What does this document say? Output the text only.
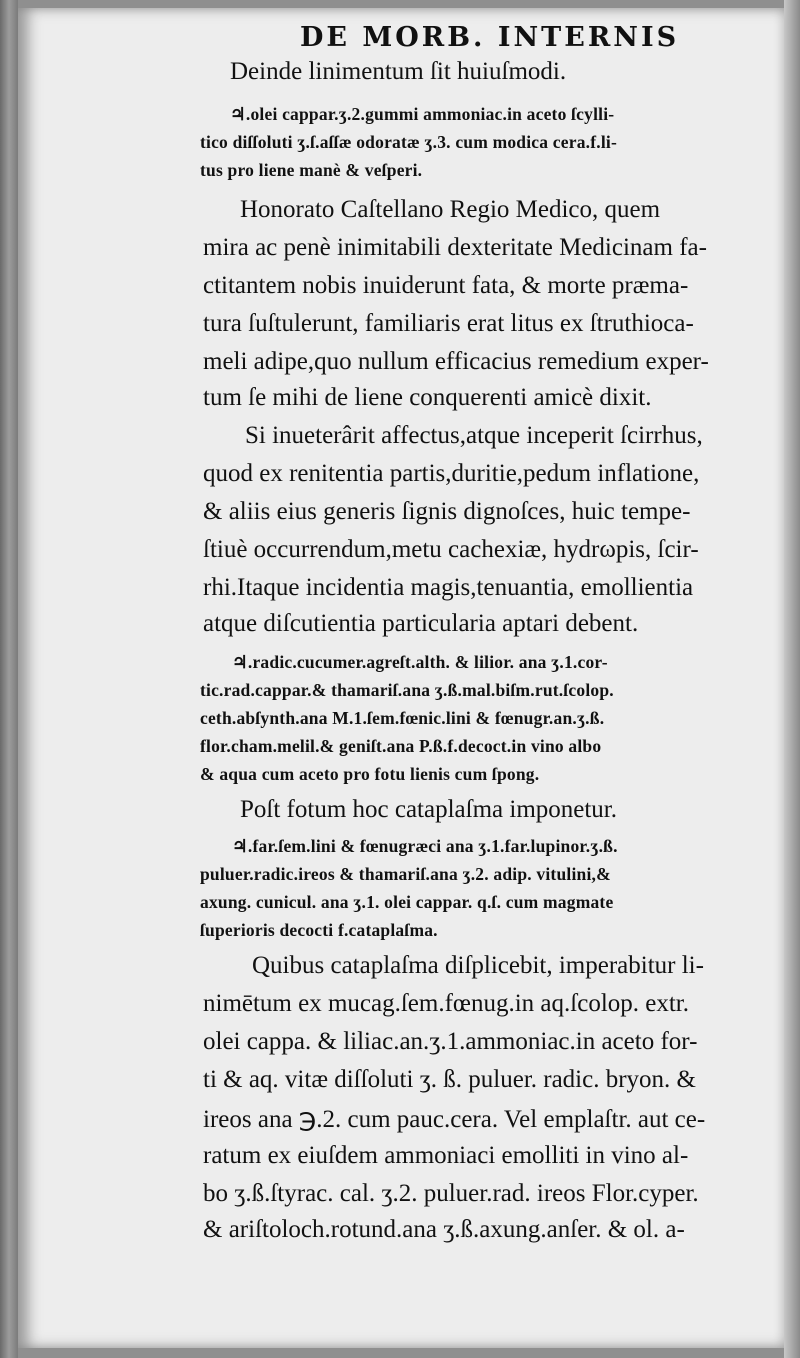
DE MORB. INTERNIS
Deinde linimentum ſit huiuſmodi.
♃.olei cappar.ʒ.2.gummi ammoniac.in aceto ſcylli-
tico diſſoluti ʒ.ſ.aſſæ odoratæ ʒ.3. cum modica cera.f.li-
tus pro liene manè & veſperi.
Honorato Caſtellano Regio Medico, quem
mira ac penè inimitabili dexteritate Medicinam fa-
ctitantem nobis inuiderunt fata, & morte præma-
tura ſuſtulerunt, familiaris erat litus ex ſtruthioca-
meli adipe,quo nullum efficacius remedium exper-
tum ſe mihi de liene conquerenti amicè dixit.
Si inueterârit affectus,atque inceperit ſcirrhus,
quod ex renitentia partis,duritie,pedum inflatione,
& aliis eius generis ſignis dignoſces, huic tempe-
ſtiuè occurrendum,metu cachexiæ, hydrωpis, ſcir-
rhi.Itaque incidentia magis,tenuantia, emollientia
atque diſcutientia particularia aptari debent.
♃.radic.cucumer.agreſt.alth. & lilior. ana ʒ.1.cor-
tic.rad.cappar.& thamariſ.ana ʒ.ß.mal.biſm.rut.ſcolop.
ceth.abſynth.ana M.1.ſem.fœnic.lini & fœnugr.an.ʒ.ß.
flor.cham.melil.& geniſt.ana P.ß.f.decoct.in vino albo
& aqua cum aceto pro fotu lienis cum ſpong.
Poſt fotum hoc cataplaſma imponetur.
♃.far.ſem.lini & fœnugræci ana ʒ.1.far.lupinor.ʒ.ß.
puluer.radic.ireos & thamariſ.ana ʒ.2. adip. vitulini,&
axung. cunicul. ana ʒ.1. olei cappar. q.ſ. cum magmate
ſuperioris decocti f.cataplaſma.
Quibus cataplaſma diſplicebit, imperabitur li-
nimētum ex mucag.ſem.fœnug.in aq.ſcolop. extr.
olei cappa. & liliac.an.ʒ.1.ammoniac.in aceto for-
ti & aq. vitæ diſſoluti ʒ. ß. puluer. radic. bryon. &
ireos ana ℈.2. cum pauc.cera. Vel emplaſtr. aut ce-
ratum ex eiuſdem ammoniaci emolliti in vino al-
bo ʒ.ß.ſtyrac. cal. ʒ.2. puluer.rad. ireos Flor.cyper.
& ariſtoloch.rotund.ana ʒ.ß.axung.anſer. & ol. a-
